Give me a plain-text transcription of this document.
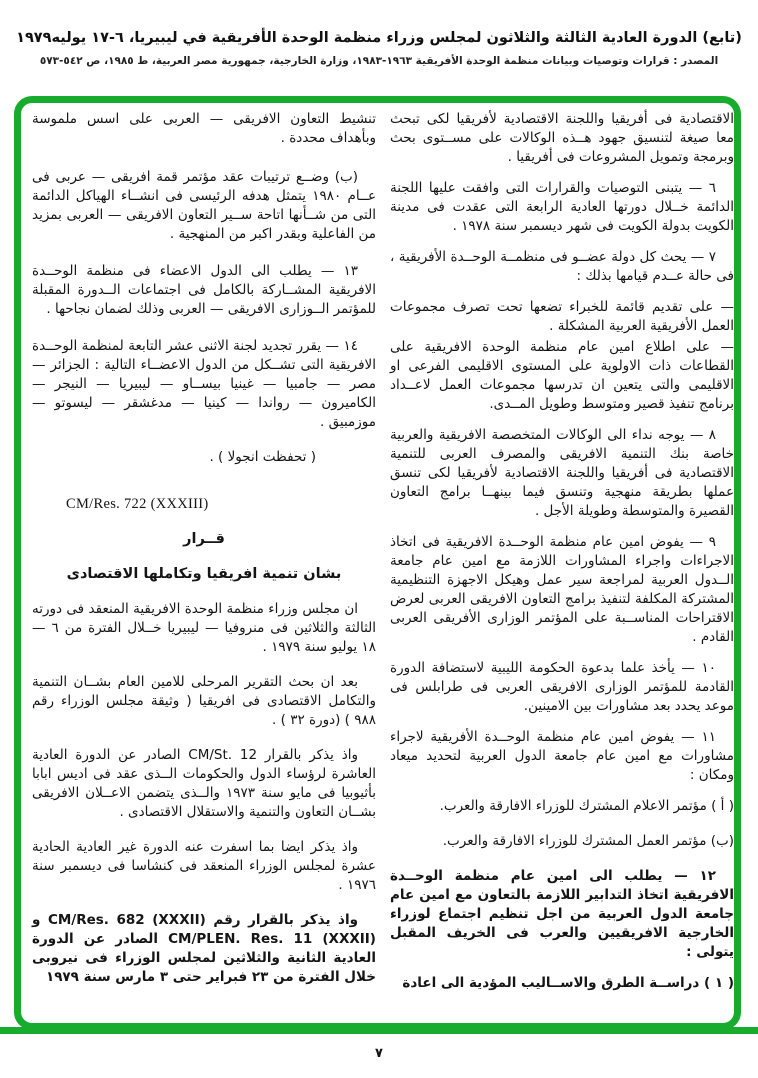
(تابع) الدورة العادية الثالثة والثلاثون لمجلس وزراء منظمة الوحدة الأفريقية في ليبيريا، ٦-١٧ يوليه١٩٧٩
المصدر : قرارات وتوصيات وبيانات منظمة الوحدة الأفريقية ١٩٦٣-١٩٨٣، وزارة الخارجية، جمهورية مصر العربية، ط ١٩٨٥، ص ٥٤٢-٥٧٣

الاقتصادية فى أفريقيا واللجنة الاقتصادية لأفريقيا لكى تبحث معا صيغة لتنسيق جهود هــذه الوكالات على مســتوى بحث وبرمجة وتمويل المشروعات فى أفريقيا .

٦ — يتبنى التوصيات والقرارات التى وافقت عليها اللجنة الدائمة خــلال دورتها العادية الرابعة التى عقدت فى مدينة الكويت بدولة الكويت فى شهر ديسمبر سنة ١٩٧٨ .

٧ — يحث كل دولة عضــو فى منظمــة الوحــدة الأفريقية ، فى حالة عــدم قيامها بذلك :

— على تقديم قائمة للخبراء تضعها تحت تصرف مجموعات العمل الأفريقية العربية المشكلة .

— على اطلاع امين عام منظمة الوحدة الافريقية على القطاعات ذات الاولوية على المستوى الاقليمى الفرعى او الاقليمى والتى يتعين ان تدرسها مجموعات العمل لاعــداد برنامج تنفيذ قصير ومتوسط وطويل المــدى.

٨ — يوجه نداء الى الوكالات المتخصصة الافريقية والعربية خاصة بنك التنمية الافريقى والمصرف العربى للتنمية الاقتصادية فى أفريقيا واللجنة الاقتصادية لأفريقيا لكى تنسق عملها بطريقة منهجية وتنسق فيما بينهــا برامج التعاون القصيرة والمتوسطة وطويلة الأجل .

٩ — يفوض امين عام منظمة الوحــدة الافريقية فى اتخاذ الاجراءات واجراء المشاورات اللازمة مع امين عام جامعة الــدول العربية لمراجعة سير عمل وهيكل الاجهزة التنظيمية المشتركة المكلفة لتنفيذ برامج التعاون الافريقى العربى لعرض الاقتراحات المناســبة على المؤتمر الوزارى الأفريقى العربى القادم .

١٠ — يأخذ علما بدعوة الحكومة الليبية لاستضافة الدورة القادمة للمؤتمر الوزارى الافريقى العربى فى طرابلس فى موعد يحدد بعد مشاورات بين الامينين.

١١ — يفوض امين عام منظمة الوحــدة الأفريقية لاجراء مشاورات مع امين عام جامعة الدول العربية لتحديد ميعاد ومكان :

( أ ) مؤتمر الاعلام المشترك للوزراء الافارقة والعرب.

(ب) مؤتمر العمل المشترك للوزراء الافارقة والعرب.

١٢ — يطلب الى امين عام منظمة الوحــدة الافريقية اتخاذ التدابير اللازمة بالتعاون مع امين عام جامعة الدول العربية من اجل تنظيم اجتماع لوزراء الخارجية الافريقيين والعرب فى الخريف المقبل يتولى :

( ١ ) دراســة الطرق والاســاليب المؤدية الى اعادة

تنشيط التعاون الافريقى — العربى على اسس ملموسة وبأهداف محددة .

(ب) وضــع ترتيبات عقد مؤتمر قمة افريقى — عربى فى عــام ١٩٨٠ يتمثل هدفه الرئيسى فى انشــاء الهياكل الدائمة التى من شــأنها اتاحة ســير التعاون الافريقى — العربى بمزيد من الفاعلية وبقدر اكبر من المنهجية .

١٣ — يطلب الى الدول الاعضاء فى منظمة الوحــدة الافريقية المشــاركة بالكامل فى اجتماعات الــدورة المقبلة للمؤتمر الــوزارى الافريقى — العربى وذلك لضمان نجاحها .

١٤ — يقرر تجديد لجنة الاثنى عشر التابعة لمنظمة الوحــدة الافريقية التى تشــكل من الدول الاعضــاء التالية : الجزائر — مصر — جامبيا — غينيا بيســاو — ليبيريا — النيجر — الكاميرون — رواندا — كينيا — مدغشقر — ليسوتو — موزمبيق .

( تحفظت انجولا ) .

CM/Res. 722 (XXXIII)

قــرار

بشان تنمية افريقيا وتكاملها الاقتصادى

ان مجلس وزراء منظمة الوحدة الافريقية المنعقد فى دورته الثالثة والثلاثين فى منروفيا — ليبيريا خــلال الفترة من ٦ — ١٨ يوليو سنة ١٩٧٩ .

بعد ان بحث التقرير المرحلى للامين العام بشــان التنمية والتكامل الاقتصادى فى افريقيا ( وثيقة مجلس الوزراء رقم ٩٨٨ ) (دورة ٣٢ ) .

واذ يذكر بالقرار CM/St. 12 الصادر عن الدورة العادية العاشرة لرؤساء الدول والحكومات الــذى عقد فى اديس ابابا بأثيوبيا فى مايو سنة ١٩٧٣ والــذى يتضمن الاعــلان الافريقى بشــان التعاون والتنمية والاستقلال الاقتصادى .

واذ يذكر ايضا بما اسفرت عنه الدورة غير العادية الحادية عشرة لمجلس الوزراء المنعقد فى كنشاسا فى ديسمبر سنة ١٩٧٦ .

واذ يذكر بالقرار رقم CM/Res. 682 (XXXII) و CM/PLEN. Res. 11 (XXXII) الصادر عن الدورة العادية الثانية والثلاثين لمجلس الوزراء فى نيروبى خلال الفترة من ٢٣ فبراير حتى ٣ مارس سنة ١٩٧٩

٧
